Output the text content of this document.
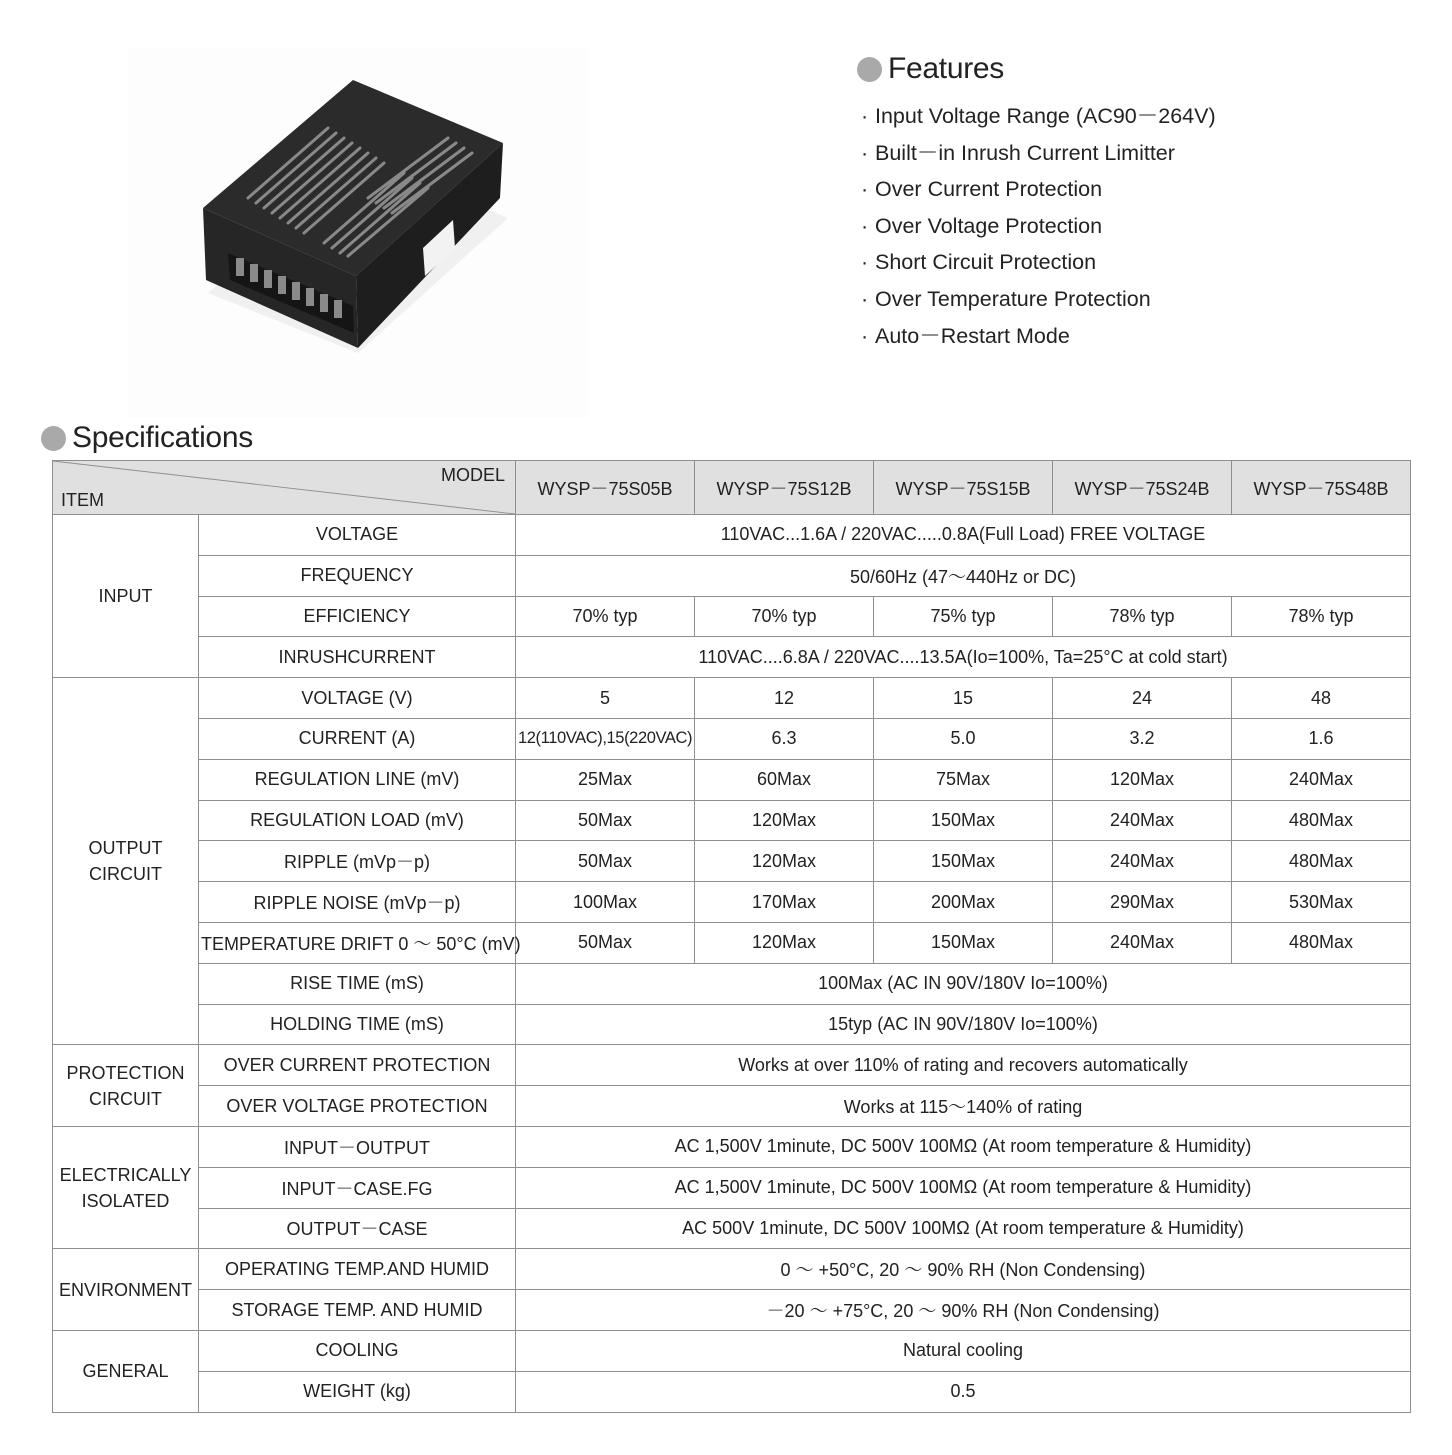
Features
· Input Voltage Range (AC90－264V)
· Built－in Inrush Current Limitter
· Over Current Protection
· Over Voltage Protection
· Short Circuit Protection
· Over Temperature Protection
· Auto－Restart Mode
Specifications
MODEL
ITEM		WYSP－75S05B	WYSP－75S12B	WYSP－75S15B	WYSP－75S24B	WYSP－75S48B
INPUT	VOLTAGE	110VAC...1.6A / 220VAC.....0.8A(Full Load) FREE VOLTAGE				
	FREQUENCY	50/60Hz (47～440Hz or DC)				
	EFFICIENCY	70% typ	70% typ	75% typ	78% typ	78% typ
	INRUSHCURRENT	110VAC....6.8A / 220VAC....13.5A(Io=100%, Ta=25°C at cold start)				
OUTPUT
CIRCUIT	VOLTAGE (V)	5	12	15	24	48
	CURRENT (A)	12(110VAC),15(220VAC)	6.3	5.0	3.2	1.6
	REGULATION LINE (mV)	25Max	60Max	75Max	120Max	240Max
	REGULATION LOAD (mV)	50Max	120Max	150Max	240Max	480Max
	RIPPLE (mVp－p)	50Max	120Max	150Max	240Max	480Max
	RIPPLE NOISE (mVp－p)	100Max	170Max	200Max	290Max	530Max
	TEMPERATURE DRIFT 0 ～ 50°C (mV)	50Max	120Max	150Max	240Max	480Max
	RISE TIME (mS)	100Max (AC IN 90V/180V Io=100%)				
	HOLDING TIME (mS)	15typ (AC IN 90V/180V Io=100%)				
PROTECTION
CIRCUIT	OVER CURRENT PROTECTION	Works at over 110% of rating and recovers automatically				
	OVER VOLTAGE PROTECTION	Works at 115～140% of rating				
ELECTRICALLY
ISOLATED	INPUT－OUTPUT	AC 1,500V 1minute, DC 500V 100MΩ (At room temperature & Humidity)				
	INPUT－CASE.FG	AC 1,500V 1minute, DC 500V 100MΩ (At room temperature & Humidity)				
	OUTPUT－CASE	AC 500V 1minute, DC 500V 100MΩ (At room temperature & Humidity)				
ENVIRONMENT	OPERATING TEMP.AND HUMID	0 ～ +50°C, 20 ～ 90% RH (Non Condensing)				
	STORAGE TEMP. AND HUMID	－20 ～ +75°C, 20 ～ 90% RH (Non Condensing)				
GENERAL	COOLING	Natural cooling				
	WEIGHT (kg)	0.5				
